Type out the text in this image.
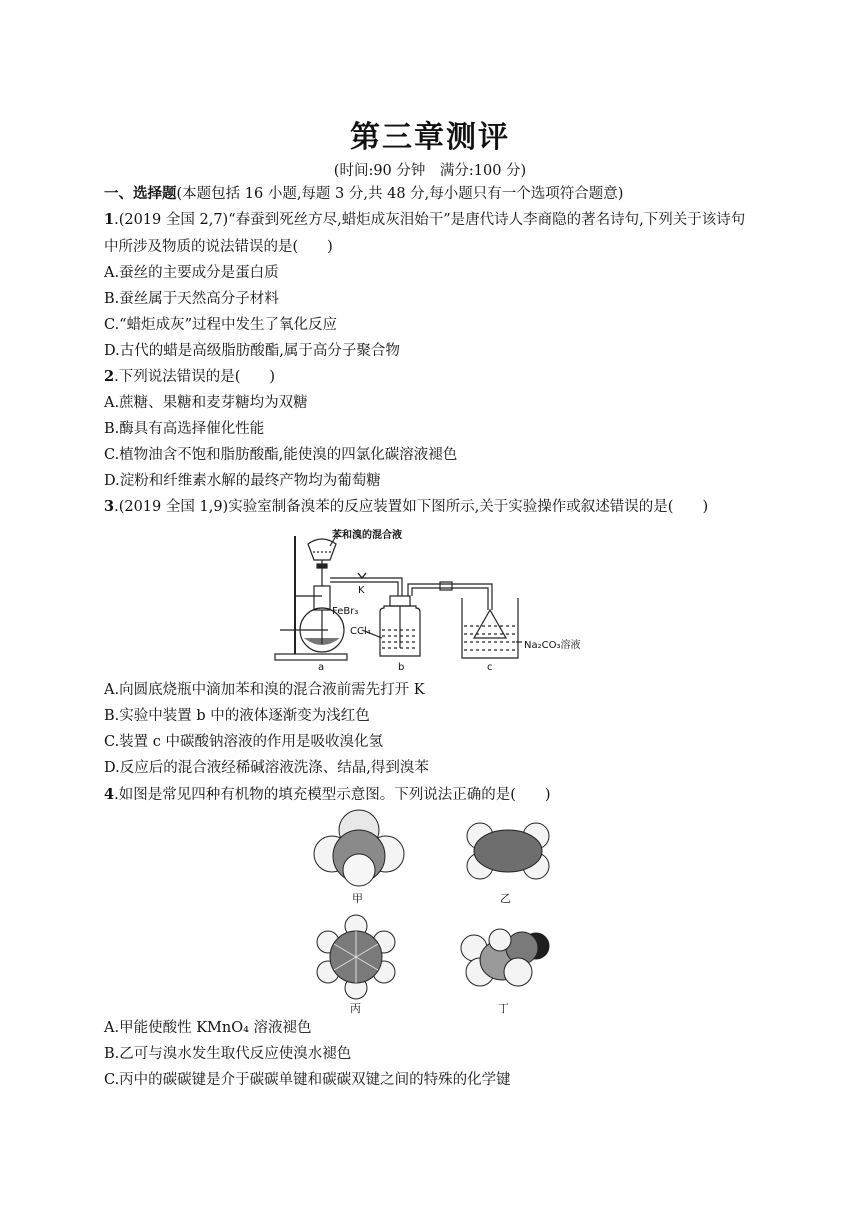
第三章测评
(时间:90 分钟　满分:100 分)
一、选择题(本题包括 16 小题,每题 3 分,共 48 分,每小题只有一个选项符合题意)
1.(2019 全国 2,7)“春蚕到死丝方尽,蜡炬成灰泪始干”是唐代诗人李商隐的著名诗句,下列关于该诗句
中所涉及物质的说法错误的是(　　)
A.蚕丝的主要成分是蛋白质
B.蚕丝属于天然高分子材料
C.“蜡炬成灰”过程中发生了氧化反应
D.古代的蜡是高级脂肪酸酯,属于高分子聚合物
2.下列说法错误的是(　　)
A.蔗糖、果糖和麦芽糖均为双糖
B.酶具有高选择催化性能
C.植物油含不饱和脂肪酸酯,能使溴的四氯化碳溶液褪色
D.淀粉和纤维素水解的最终产物均为葡萄糖
3.(2019 全国 1,9)实验室制备溴苯的反应装置如下图所示,关于实验操作或叙述错误的是(　　)
苯和溴的混合液
K
FeBr₃
CCl₄
Na₂CO₃溶液
a	b	c
A.向圆底烧瓶中滴加苯和溴的混合液前需先打开 K
B.实验中装置 b 中的液体逐渐变为浅红色
C.装置 c 中碳酸钠溶液的作用是吸收溴化氢
D.反应后的混合液经稀碱溶液洗涤、结晶,得到溴苯
4.如图是常见四种有机物的填充模型示意图。下列说法正确的是(　　)
甲	乙
丙	丁
A.甲能使酸性 KMnO₄ 溶液褪色
B.乙可与溴水发生取代反应使溴水褪色
C.丙中的碳碳键是介于碳碳单键和碳碳双键之间的特殊的化学键
